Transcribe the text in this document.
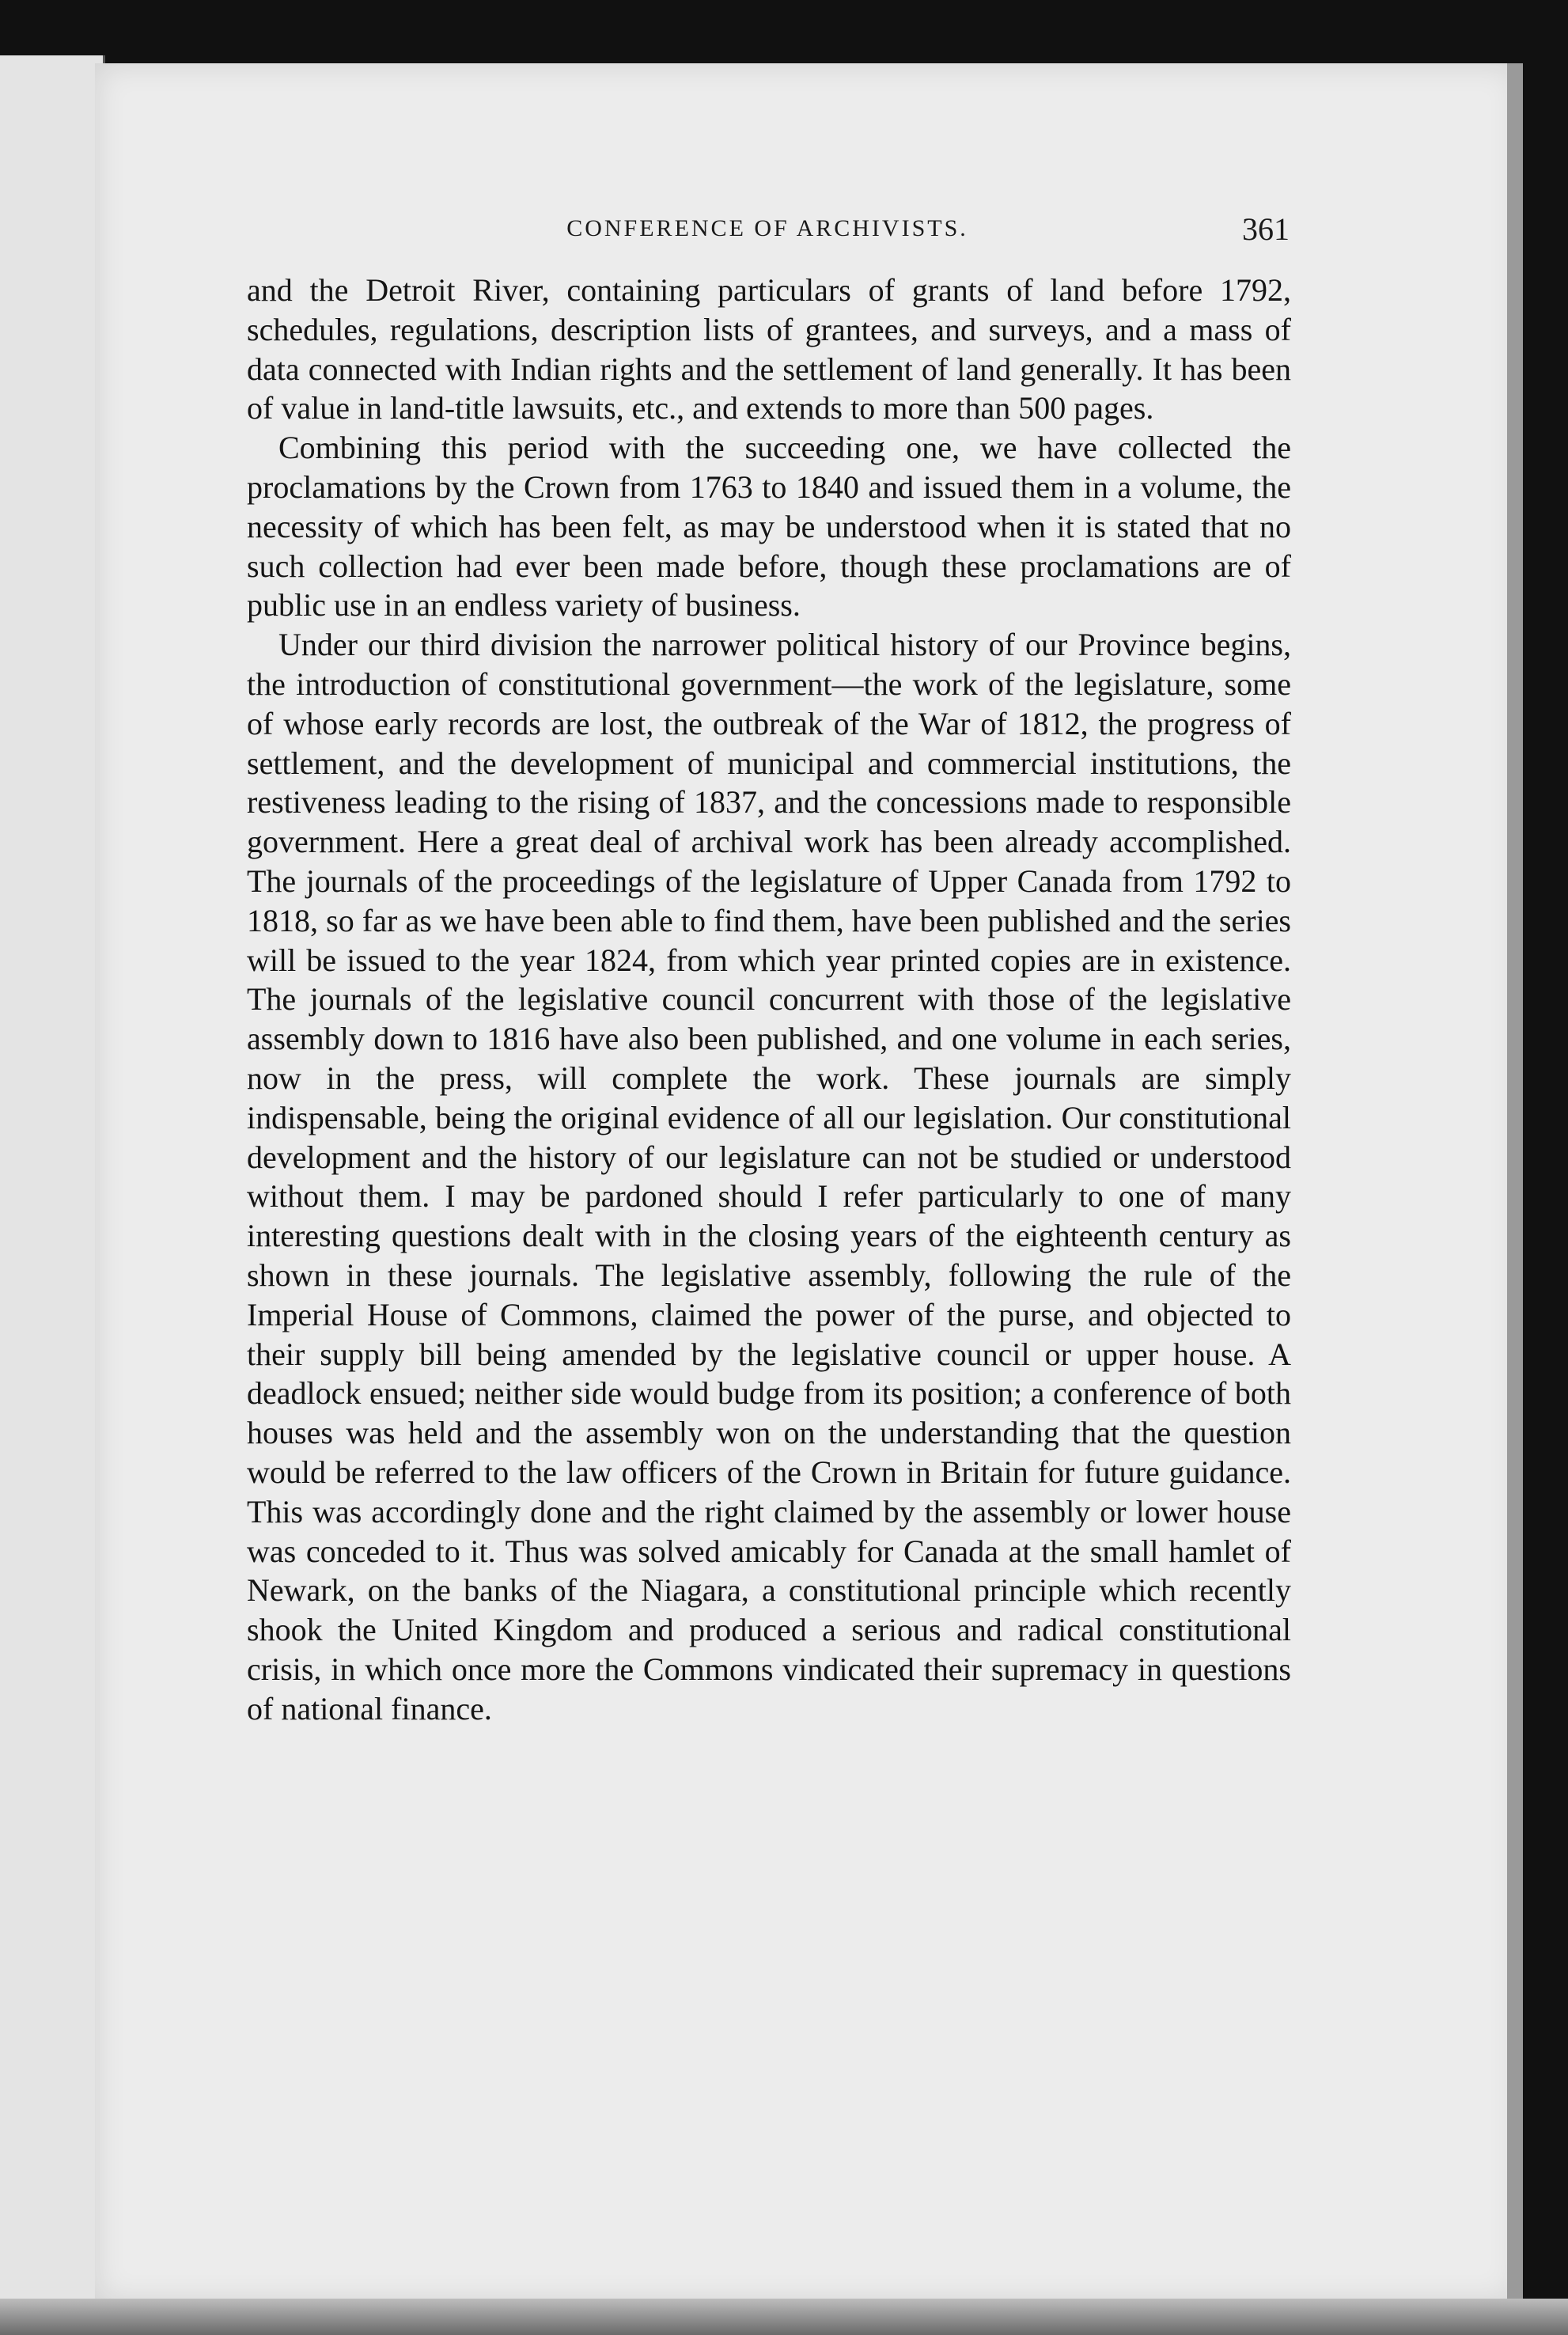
CONFERENCE OF ARCHIVISTS.	361

and the Detroit River, containing particulars of grants of land before 1792, schedules, regulations, description lists of grantees, and surveys, and a mass of data connected with Indian rights and the settlement of land generally. It has been of value in land-title lawsuits, etc., and extends to more than 500 pages.

Combining this period with the succeeding one, we have collected the proclamations by the Crown from 1763 to 1840 and issued them in a volume, the necessity of which has been felt, as may be understood when it is stated that no such collection had ever been made before, though these proclamations are of public use in an endless variety of business.

Under our third division the narrower political history of our Province begins, the introduction of constitutional government—the work of the legislature, some of whose early records are lost, the outbreak of the War of 1812, the progress of settlement, and the development of municipal and commercial institutions, the restiveness leading to the rising of 1837, and the concessions made to responsible government. Here a great deal of archival work has been already accomplished. The journals of the proceedings of the legislature of Upper Canada from 1792 to 1818, so far as we have been able to find them, have been published and the series will be issued to the year 1824, from which year printed copies are in existence. The journals of the legislative council concurrent with those of the legislative assembly down to 1816 have also been published, and one volume in each series, now in the press, will complete the work. These journals are simply indispensable, being the original evidence of all our legislation. Our constitutional development and the history of our legislature can not be studied or understood without them. I may be pardoned should I refer particularly to one of many interesting questions dealt with in the closing years of the eighteenth century as shown in these journals. The legislative assembly, following the rule of the Imperial House of Commons, claimed the power of the purse, and objected to their supply bill being amended by the legislative council or upper house. A deadlock ensued; neither side would budge from its position; a conference of both houses was held and the assembly won on the understanding that the question would be referred to the law officers of the Crown in Britain for future guidance. This was accordingly done and the right claimed by the assembly or lower house was conceded to it. Thus was solved amicably for Canada at the small hamlet of Newark, on the banks of the Niagara, a constitutional principle which recently shook the United Kingdom and produced a serious and radical constitutional crisis, in which once more the Commons vindicated their supremacy in questions of national finance.
